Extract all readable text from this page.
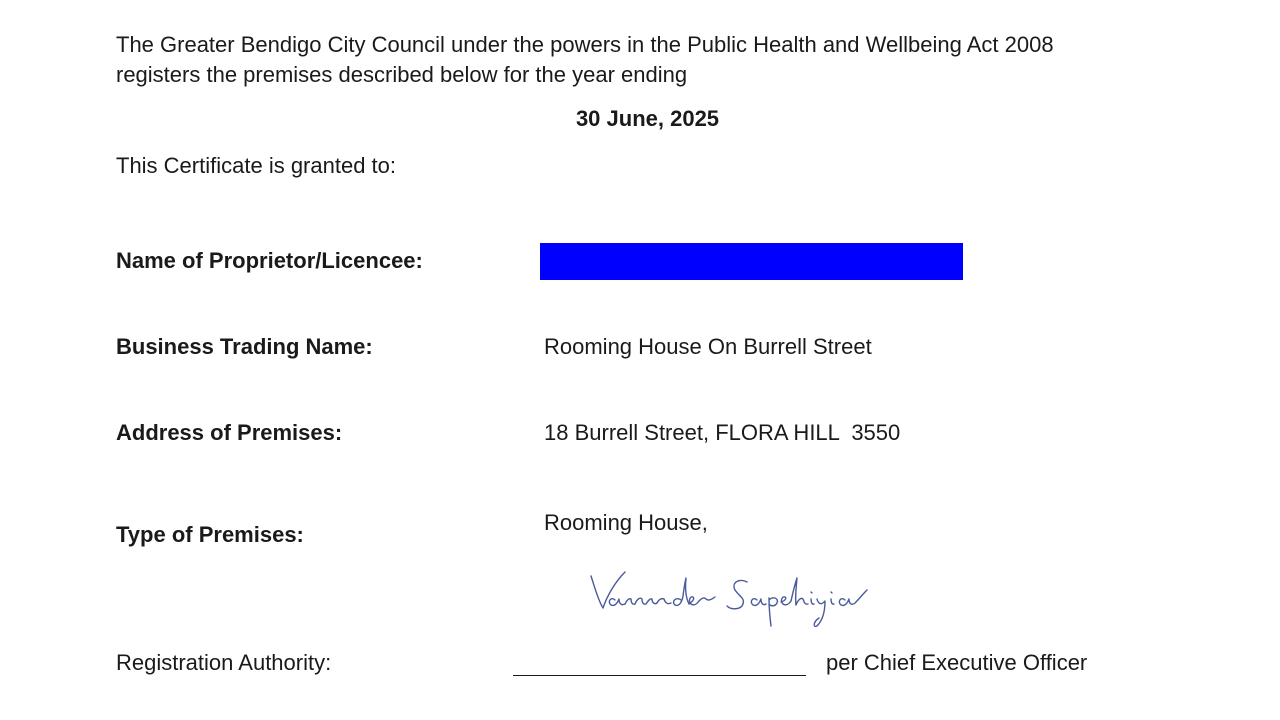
The Greater Bendigo City Council under the powers in the Public Health and Wellbeing Act 2008
registers the premises described below for the year ending
30 June, 2025
This Certificate is granted to:
Name of Proprietor/Licencee:
Business Trading Name:	Rooming House On Burrell Street
Address of Premises:	18 Burrell Street, FLORA HILL  3550
Type of Premises:	Rooming House,
Registration Authority:	per Chief Executive Officer
